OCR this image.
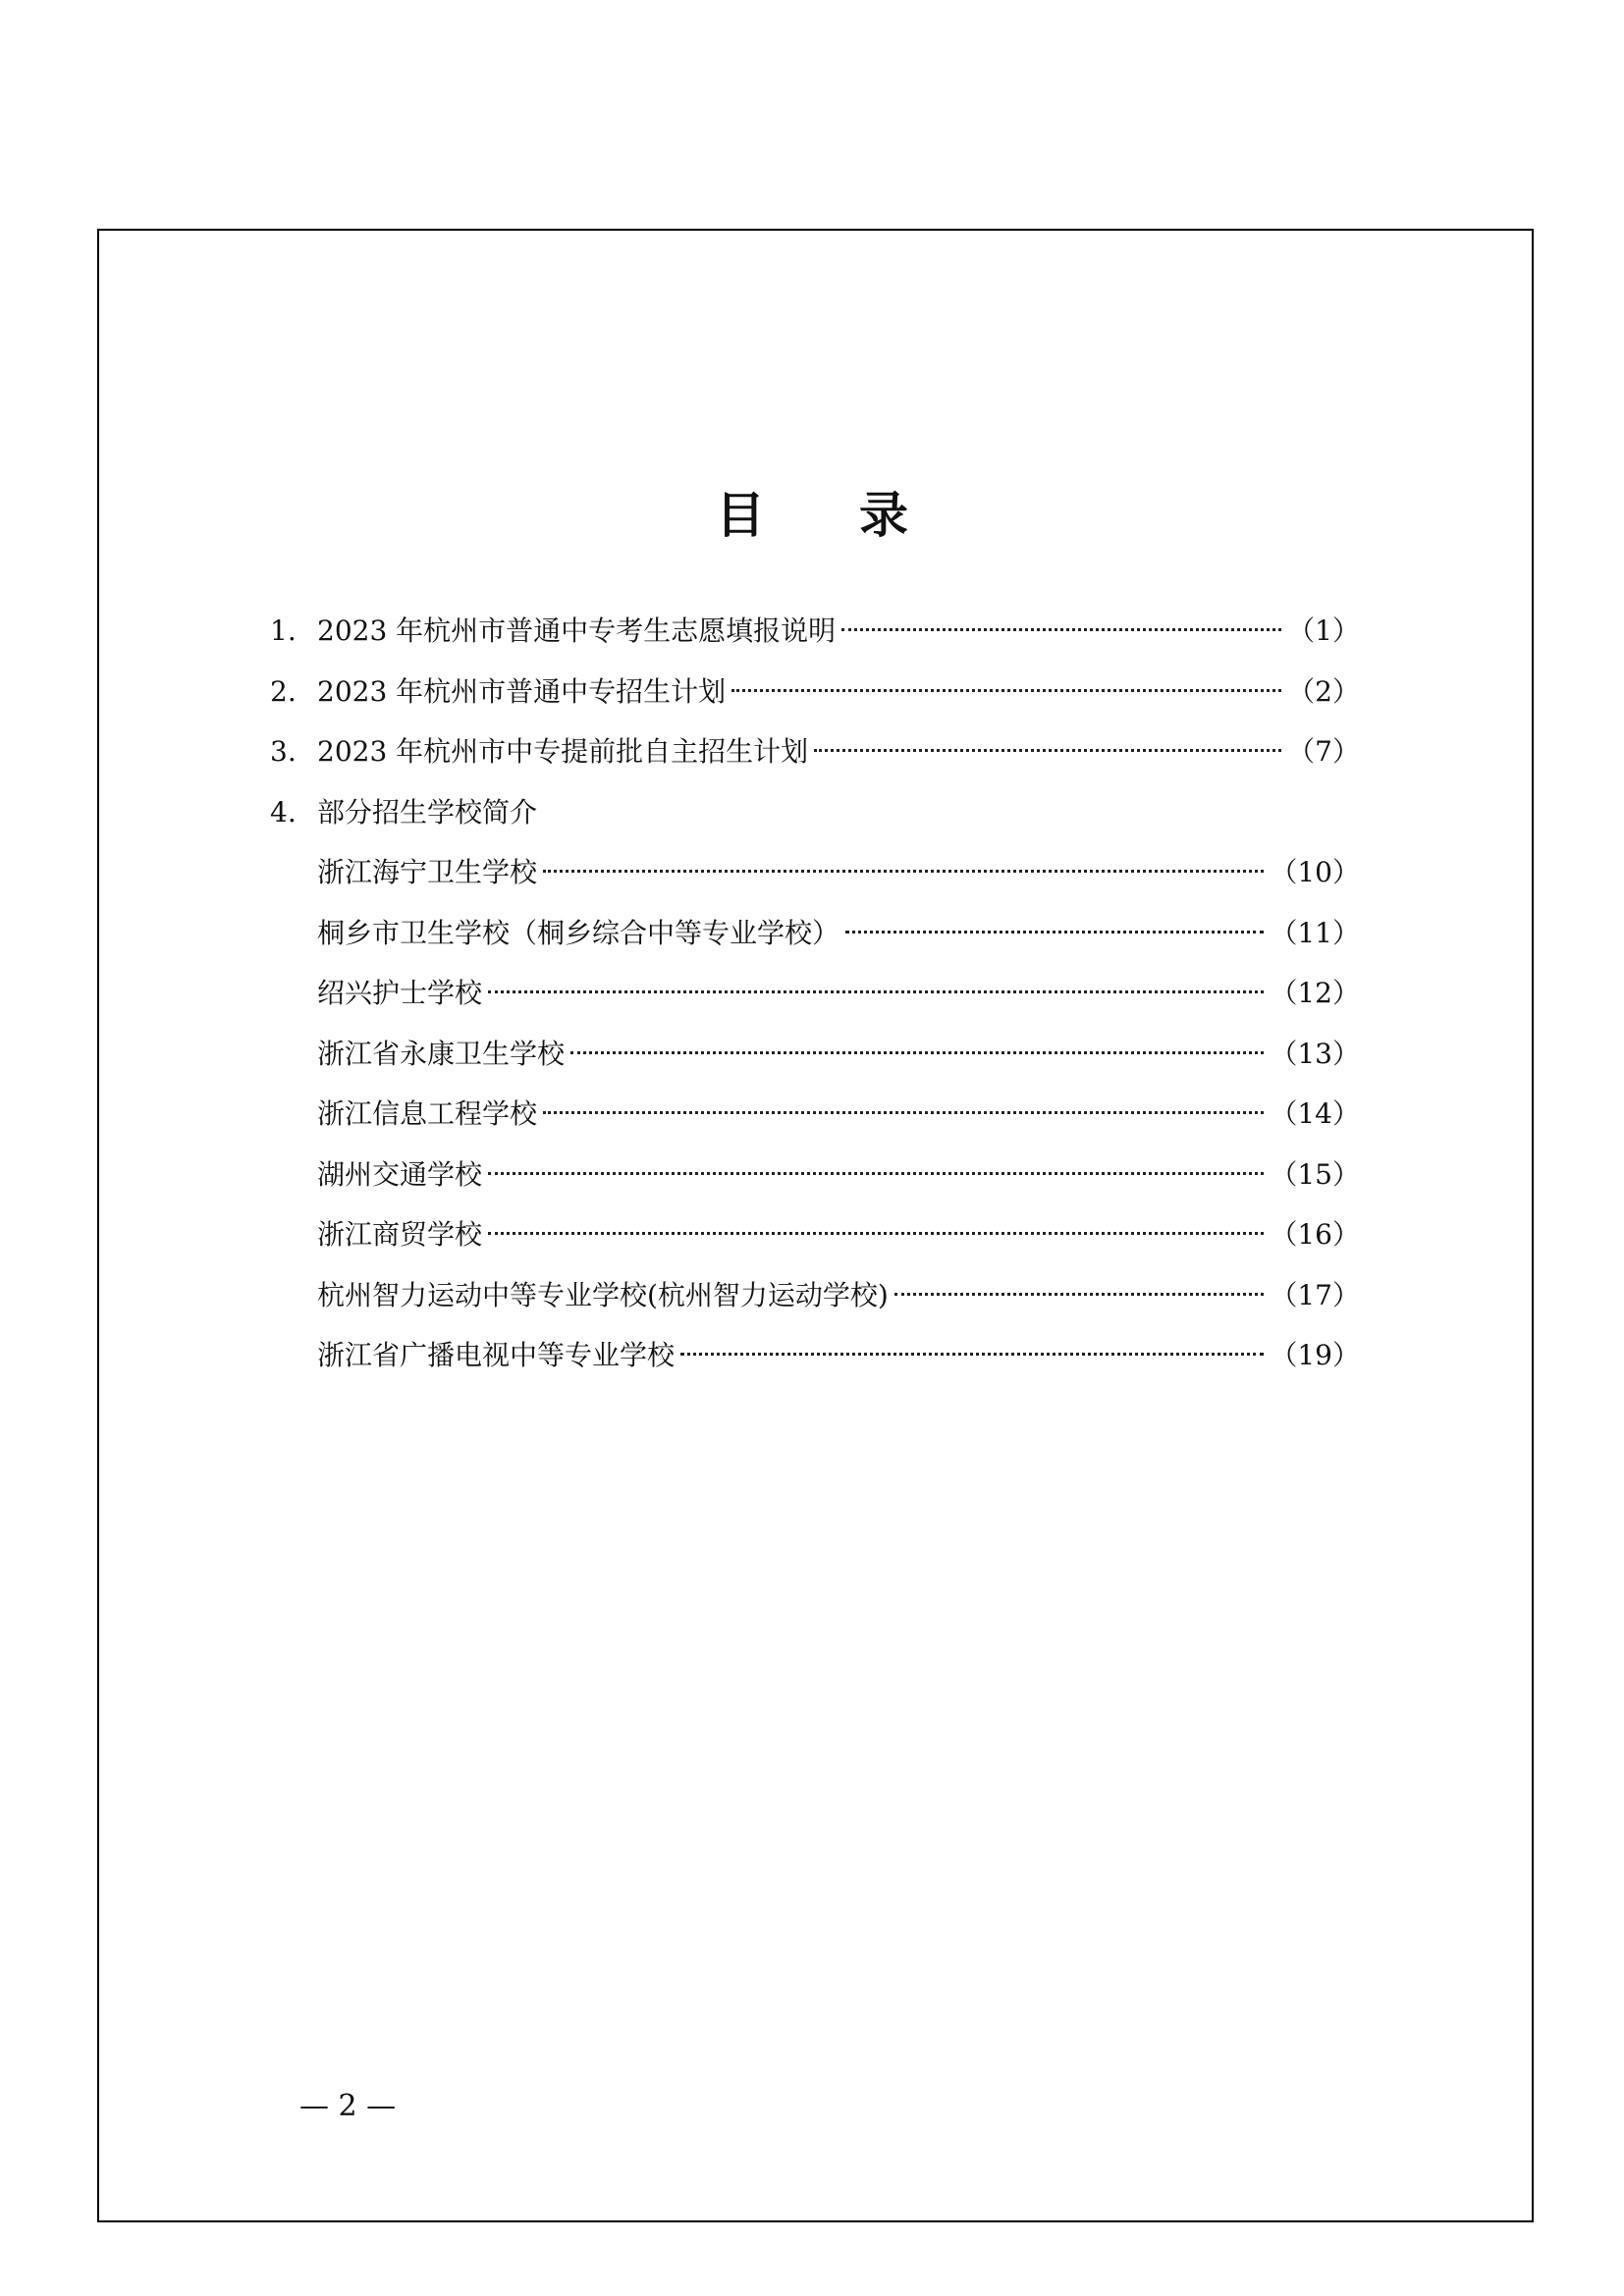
目录
1. 2023 年杭州市普通中专考生志愿填报说明	（1）
2. 2023 年杭州市普通中专招生计划	（2）
3. 2023 年杭州市中专提前批自主招生计划	（7）
4. 部分招生学校简介
浙江海宁卫生学校	（10）
桐乡市卫生学校（桐乡综合中等专业学校）	（11）
绍兴护士学校	（12）
浙江省永康卫生学校	（13）
浙江信息工程学校	（14）
湖州交通学校	（15）
浙江商贸学校	（16）
杭州智力运动中等专业学校(杭州智力运动学校)	（17）
浙江省广播电视中等专业学校	（19）
— 2 —
